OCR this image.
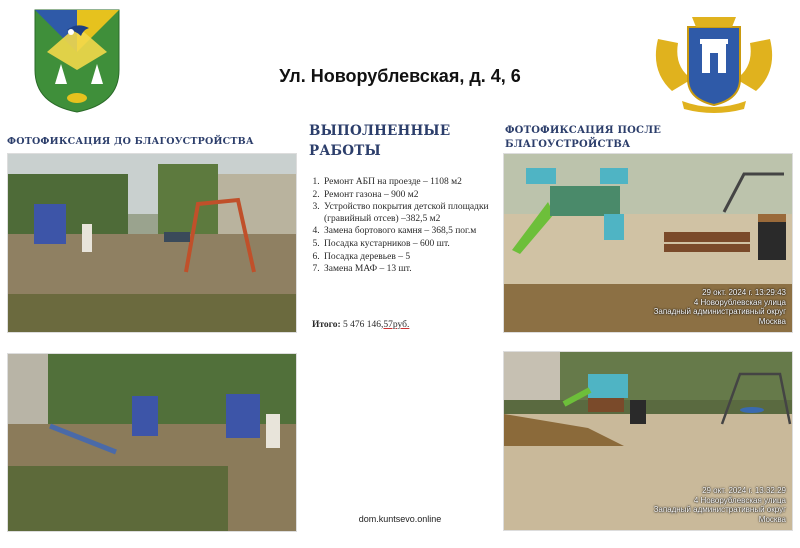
Ул. Новорублевская, д. 4, 6
ФОТОФИКСАЦИЯ ДО БЛАГОУСТРОЙСТВА
ФОТОФИКСАЦИЯ ПОСЛЕ БЛАГОУСТРОЙСТВА
ВЫПОЛНЕННЫЕ РАБОТЫ
1. Ремонт АБП на проезде – 1108 м2
2. Ремонт газона – 900 м2
3. Устройство покрытия детской площадки (гравийный отсев) –382,5 м2
4. Замена бортового камня – 368,5 пог.м
5. Посадка кустарников – 600 шт.
6. Посадка деревьев – 5
7. Замена МАФ – 13 шт.
Итого: 5 476 146,57руб.
29 окт. 2024 г. 13:29:43
4 Новорублевская улица
Западный административный округ
Москва
29 окт. 2024 г. 13:32:29
4 Новорублевская улица
Западный административный округ
Москва
dom.kuntsevo.online
